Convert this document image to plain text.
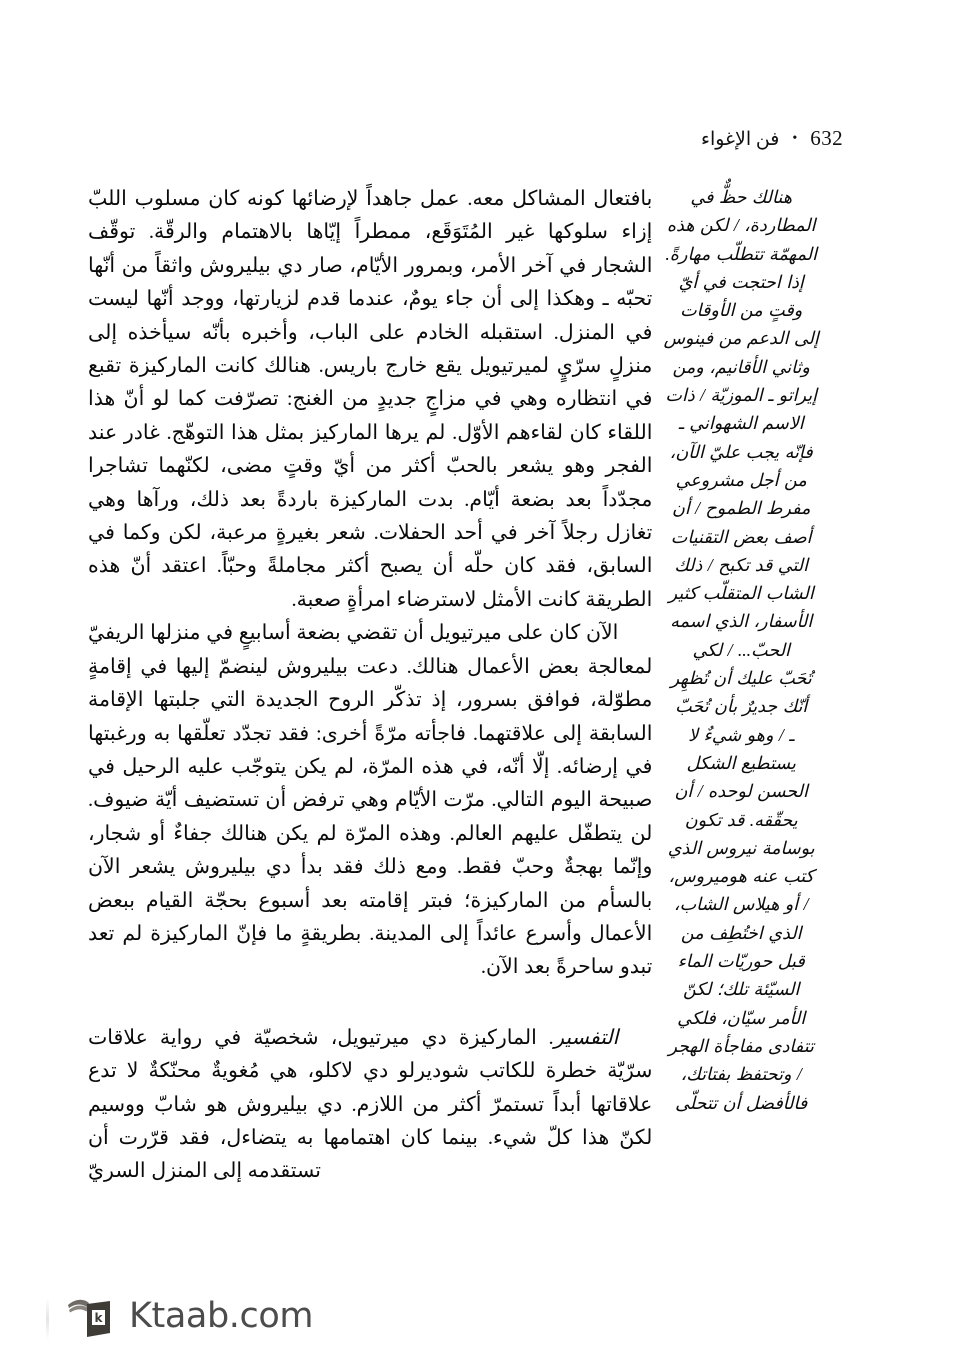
632
•
فن الإغواء

هنالك حظٌّ في

المطاردة، / لكن هذه

المهمّة تتطلّب مهارةً.

إذا احتجت في أيّ

وقتٍ من الأوقات

إلى الدعم من فينوس

وثاني الأقانيم، ومن

إيراتو ـ الموزيّة / ذات

الاسم الشهواني ـ

فإنّه يجب عليّ الآن،

من أجل مشروعي

مفرط الطموح / أن

أصف بعض التقنيات

التي قد تكبح / ذلك

الشاب المتقلّب كثير

الأسفار، الذي اسمه

الحبّ... / لكي

تُحَبّ عليك أن تُظهِر

أنّك جديرٌ بأن تُحَبّ

ـ / وهو شيءٌ لا

يستطيع الشكل

الحسن لوحده / أن

يحقّقه. قد تكون

بوسامة نيروس الذي

كتب عنه هوميروس،

/ أو هيلاس الشاب،

الذي اختُطِف من

قبل حوريّات الماء

السيّئة تلك؛ لكنّ

الأمر سيّان، فلكي

تتفادى مفاجأة الهجر

/ وتحتفظ بفتاتك،

فالأفضل أن تتحلّى

بافتعال المشاكل معه. عمل جاهداً لإرضائها كونه كان مسلوب اللبّ إزاء سلوكها غير المُتَوَقَع، ممطراً إيّاها بالاهتمام والرقّة. توقّف الشجار في آخر الأمر، وبمرور الأيّام، صار دي بيليروش واثقاً من أنّها تحبّه ـ وهكذا إلى أن جاء يومٌ، عندما قدم لزيارتها، ووجد أنّها ليست في المنزل. استقبله الخادم على الباب، وأخبره بأنّه سيأخذه إلى منزلٍ سرّيٍ لميرتيويل يقع خارج باريس. هنالك كانت الماركيزة تقبع في انتظاره وهي في مزاجٍ جديدٍ من الغنج: تصرّفت كما لو أنّ هذا اللقاء كان لقاءهم الأوّل. لم يرها الماركيز بمثل هذا التوهّج. غادر عند الفجر وهو يشعر بالحبّ أكثر من أيّ وقتٍ مضى، لكنّهما تشاجرا مجدّداً بعد بضعة أيّام. بدت الماركيزة باردةً بعد ذلك، ورآها وهي تغازل رجلاً آخر في أحد الحفلات. شعر بغيرةٍ مرعبة، لكن وكما في السابق، فقد كان حلّه أن يصبح أكثر مجاملةً وحبّاً. اعتقد أنّ هذه الطريقة كانت الأمثل لاسترضاء امرأةٍ صعبة.

الآن كان على ميرتيويل أن تقضي بضعة أسابيعٍ في منزلها الريفيّ لمعالجة بعض الأعمال هنالك. دعت بيليروش لينضمّ إليها في إقامةٍ مطوّلة، فوافق بسرور، إذ تذكّر الروح الجديدة التي جلبتها الإقامة السابقة إلى علاقتهما. فاجأته مرّةً أخرى: فقد تجدّد تعلّقها به ورغبتها في إرضائه. إلّا أنّه، في هذه المرّة، لم يكن يتوجّب عليه الرحيل في صبيحة اليوم التالي. مرّت الأيّام وهي ترفض أن تستضيف أيّة ضيوف. لن يتطفّل عليهم العالم. وهذه المرّة لم يكن هنالك جفاءٌ أو شجار، وإنّما بهجةٌ وحبّ فقط. ومع ذلك فقد بدأ دي بيليروش يشعر الآن بالسأم من الماركيزة؛ فبتر إقامته بعد أسبوع بحجّة القيام ببعض الأعمال وأسرع عائداً إلى المدينة. بطريقةٍ ما فإنّ الماركيزة لم تعد تبدو ساحرةً بعد الآن.

التفسير. الماركيزة دي ميرتيويل، شخصيّة في رواية علاقات سرّيّة خطرة للكاتب شوديرلو دي لاكلو، هي مُغويةٌ محنّكةٌ لا تدع علاقاتها أبداً تستمرّ أكثر من اللازم. دي بيليروش هو شابّ ووسيم لكنّ هذا كلّ شيء. بينما كان اهتمامها به يتضاءل، فقد قرّرت أن تستقدمه إلى المنزل السريّ

k Ktaab.com
